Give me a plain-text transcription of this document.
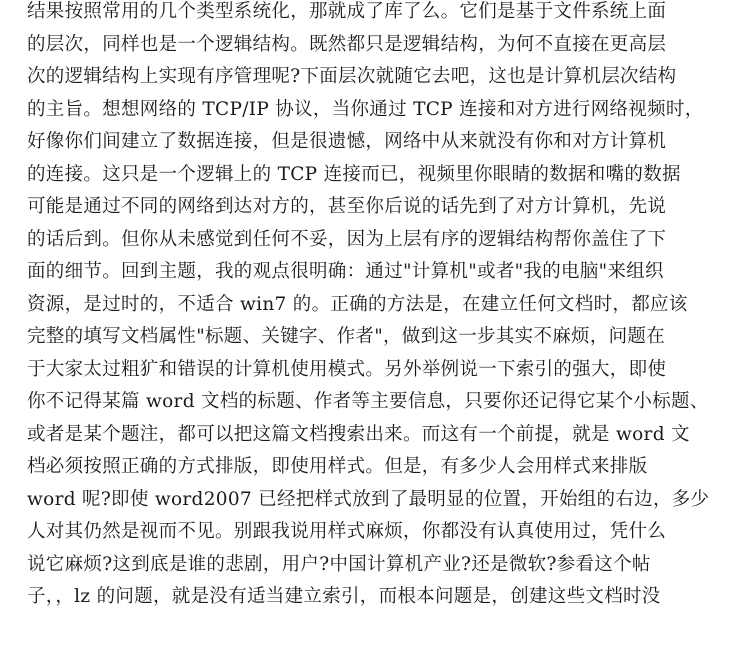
结果按照常用的几个类型系统化，那就成了库了么。它们是基于文件系统上面
的层次，同样也是一个逻辑结构。既然都只是逻辑结构，为何不直接在更高层
次的逻辑结构上实现有序管理呢?下面层次就随它去吧，这也是计算机层次结构
的主旨。想想网络的 TCP/IP 协议，当你通过 TCP 连接和对方进行网络视频时，
好像你们间建立了数据连接，但是很遗憾，网络中从来就没有你和对方计算机
的连接。这只是一个逻辑上的 TCP 连接而已，视频里你眼睛的数据和嘴的数据
可能是通过不同的网络到达对方的，甚至你后说的话先到了对方计算机，先说
的话后到。但你从未感觉到任何不妥，因为上层有序的逻辑结构帮你盖住了下
面的细节。回到主题，我的观点很明确：通过"计算机"或者"我的电脑"来组织
资源，是过时的，不适合 win7 的。正确的方法是，在建立任何文档时，都应该
完整的填写文档属性"标题、关键字、作者"，做到这一步其实不麻烦，问题在
于大家太过粗犷和错误的计算机使用模式。另外举例说一下索引的强大，即使
你不记得某篇 word 文档的标题、作者等主要信息，只要你还记得它某个小标题、
或者是某个题注，都可以把这篇文档搜索出来。而这有一个前提，就是 word 文
档必须按照正确的方式排版，即使用样式。但是，有多少人会用样式来排版
word 呢?即使 word2007 已经把样式放到了最明显的位置，开始组的右边，多少
人对其仍然是视而不见。别跟我说用样式麻烦，你都没有认真使用过，凭什么
说它麻烦?这到底是谁的悲剧，用户?中国计算机产业?还是微软?参看这个帖
子，，lz 的问题，就是没有适当建立索引，而根本问题是，创建这些文档时没
